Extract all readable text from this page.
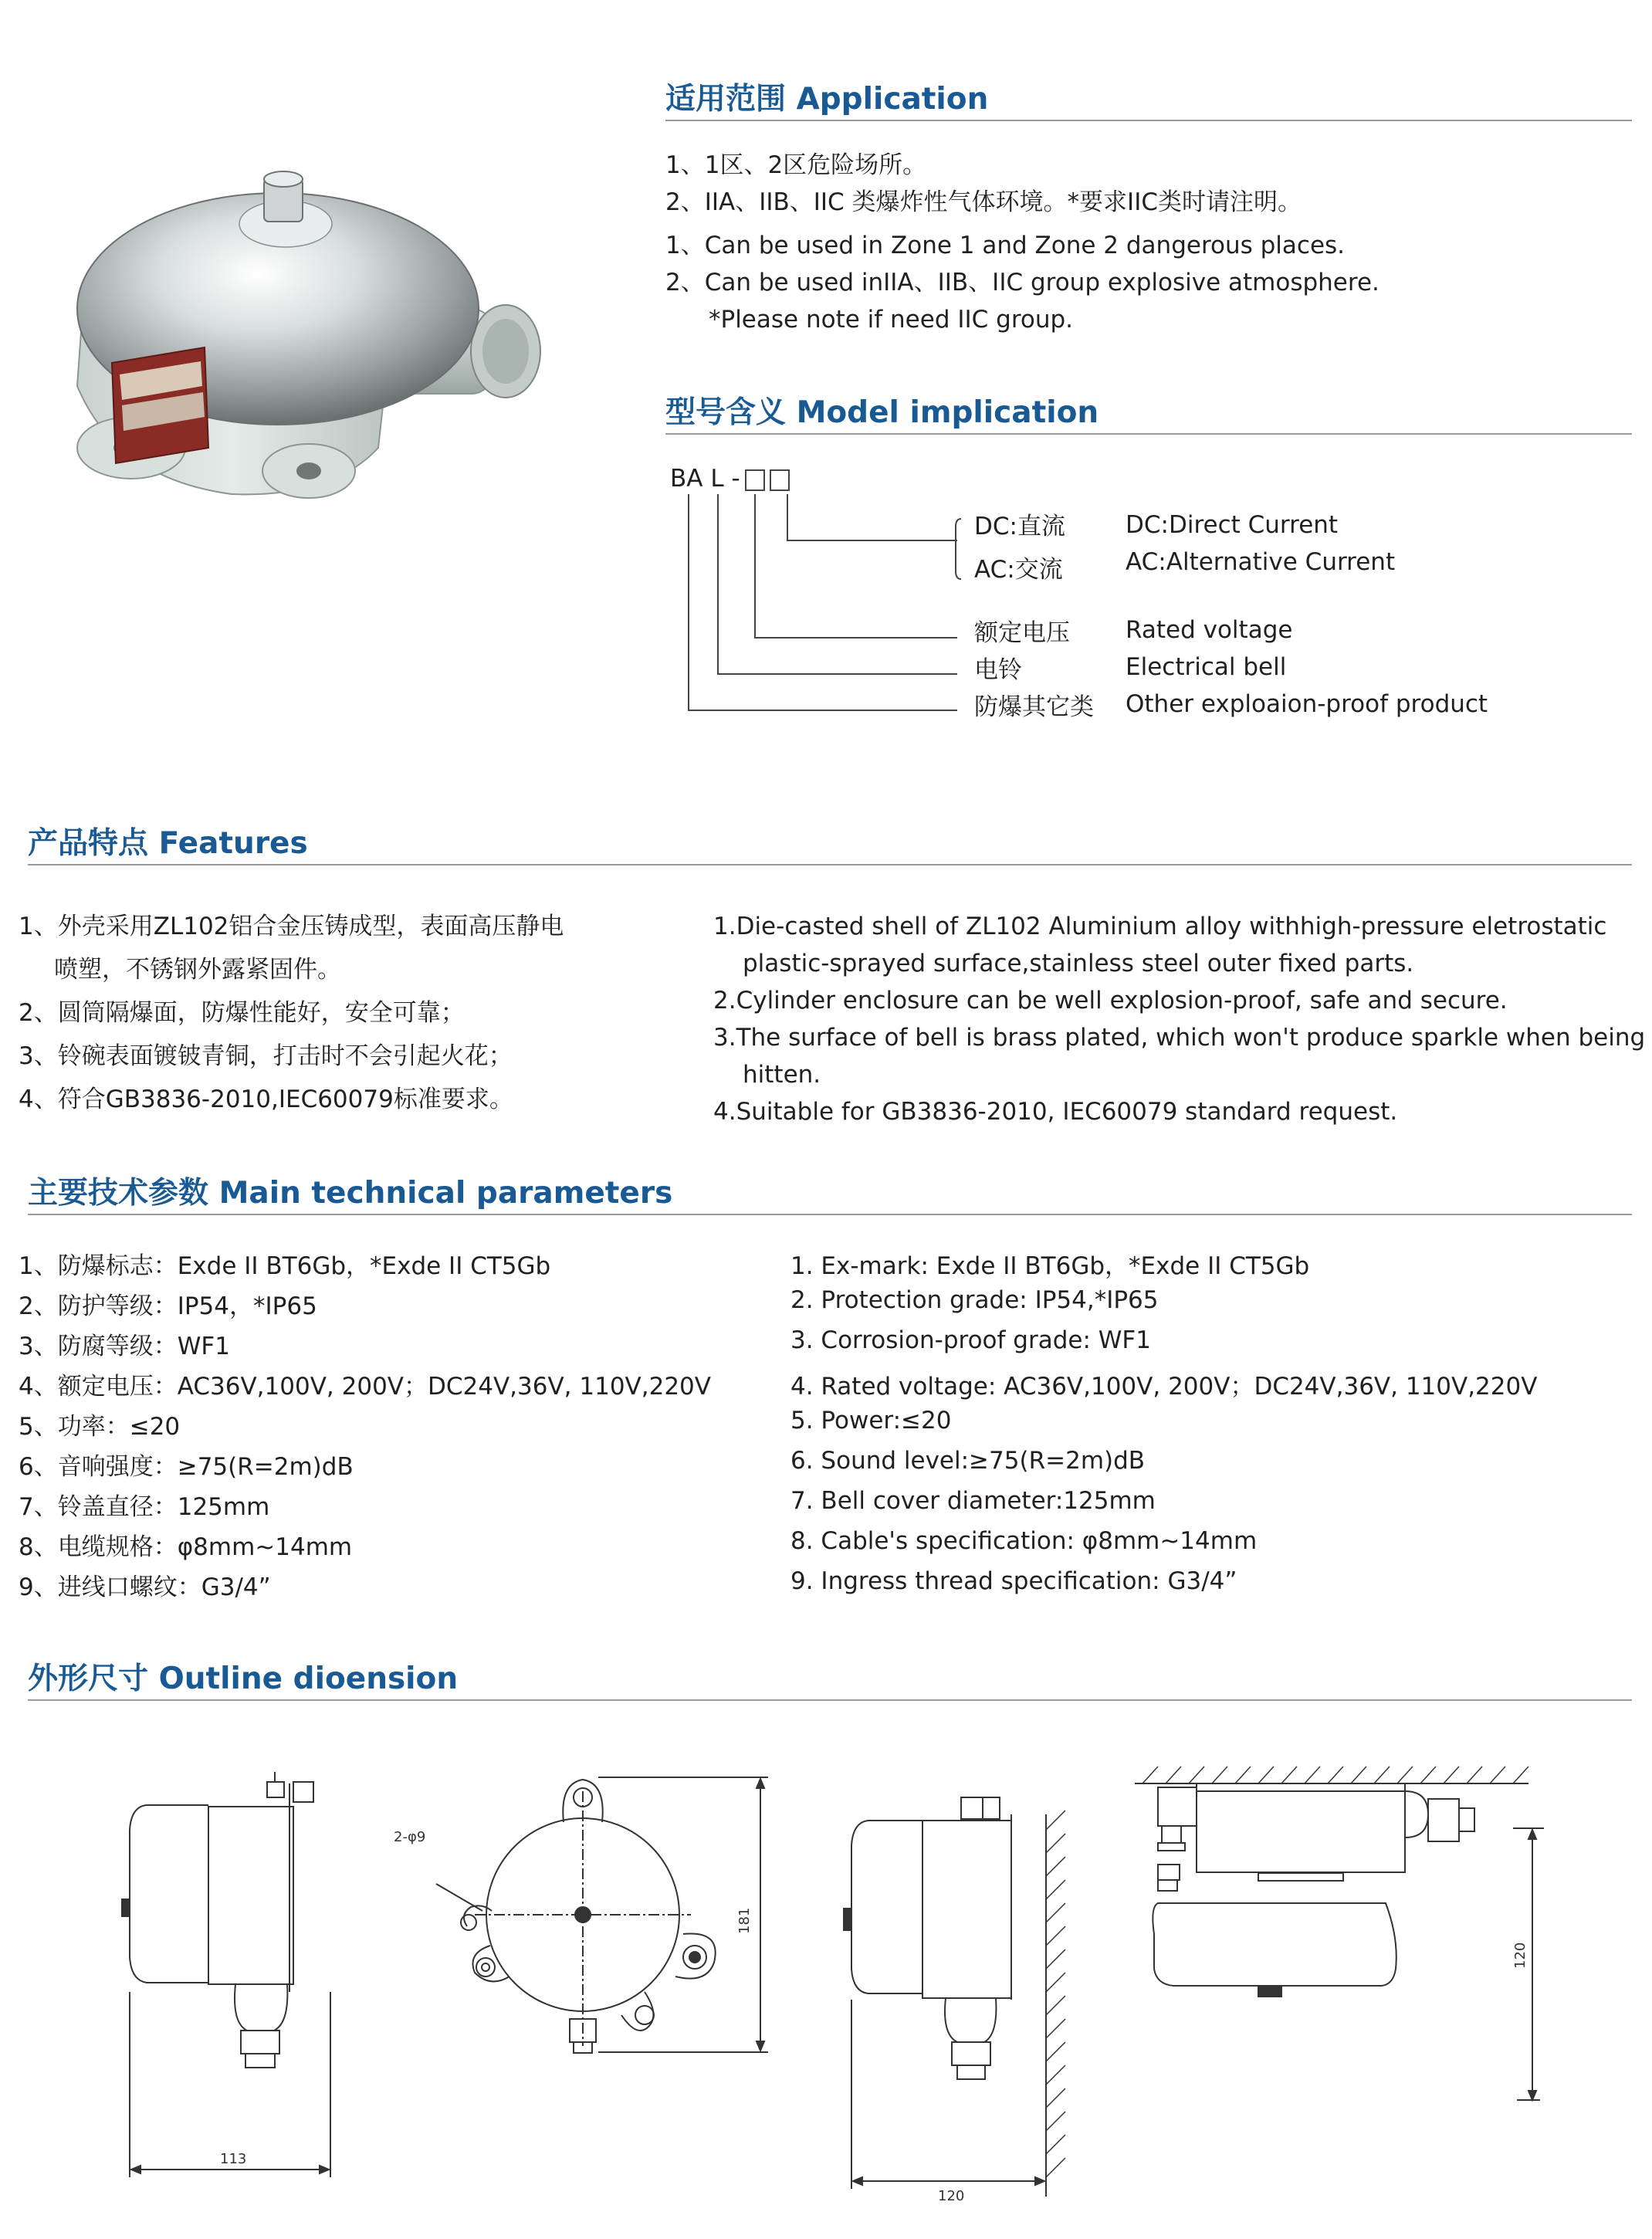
适用范围 Application
1、1区、2区危险场所。
2、IIA、IIB、IIC 类爆炸性气体环境。*要求IIC类时请注明。
1、Can be used in Zone 1 and Zone 2 dangerous places.
2、Can be used inIIA、IIB、IIC group explosive atmosphere.
*Please note if need IIC group.
型号含义 Model implication
BA L -
DC:直流	DC:Direct Current
AC:交流	AC:Alternative Current
额定电压 Rated voltage
电铃	Electrical bell
防爆其它类 Other exploaion-proof product
产品特点 Features
1、外壳采用ZL102铝合金压铸成型，表面高压静电
喷塑，不锈钢外露紧固件。
2、圆筒隔爆面，防爆性能好，安全可靠；
3、铃碗表面镀铍青铜，打击时不会引起火花；
4、符合GB3836-2010,IEC60079标准要求。
1.Die-casted shell of ZL102 Aluminium alloy withhigh-pressure eletrostatic
plastic-sprayed surface,stainless steel outer fixed parts.
2.Cylinder enclosure can be well explosion-proof, safe and secure.
3.The surface of bell is brass plated, which won't produce sparkle when being
hitten.
4.Suitable for GB3836-2010, IEC60079 standard request.
主要技术参数 Main technical parameters
1、防爆标志：Exde II BT6Gb，*Exde II CT5Gb
2、防护等级：IP54，*IP65
3、防腐等级：WF1
4、额定电压：AC36V,100V, 200V；DC24V,36V, 110V,220V
5、功率：≤20
6、音响强度：≥75(R=2m)dB
7、铃盖直径：125mm
8、电缆规格：φ8mm~14mm
9、进线口螺纹：G3/4”
1. Ex-mark: Exde II BT6Gb，*Exde II CT5Gb
2. Protection grade: IP54,*IP65
3. Corrosion-proof grade: WF1
4. Rated voltage: AC36V,100V, 200V；DC24V,36V, 110V,220V
5. Power:≤20
6. Sound level:≥75(R=2m)dB
7. Bell cover diameter:125mm
8. Cable's specification: φ8mm~14mm
9. Ingress thread specification: G3/4”
外形尺寸 Outline dioension
113
2-φ9
181
120
120
